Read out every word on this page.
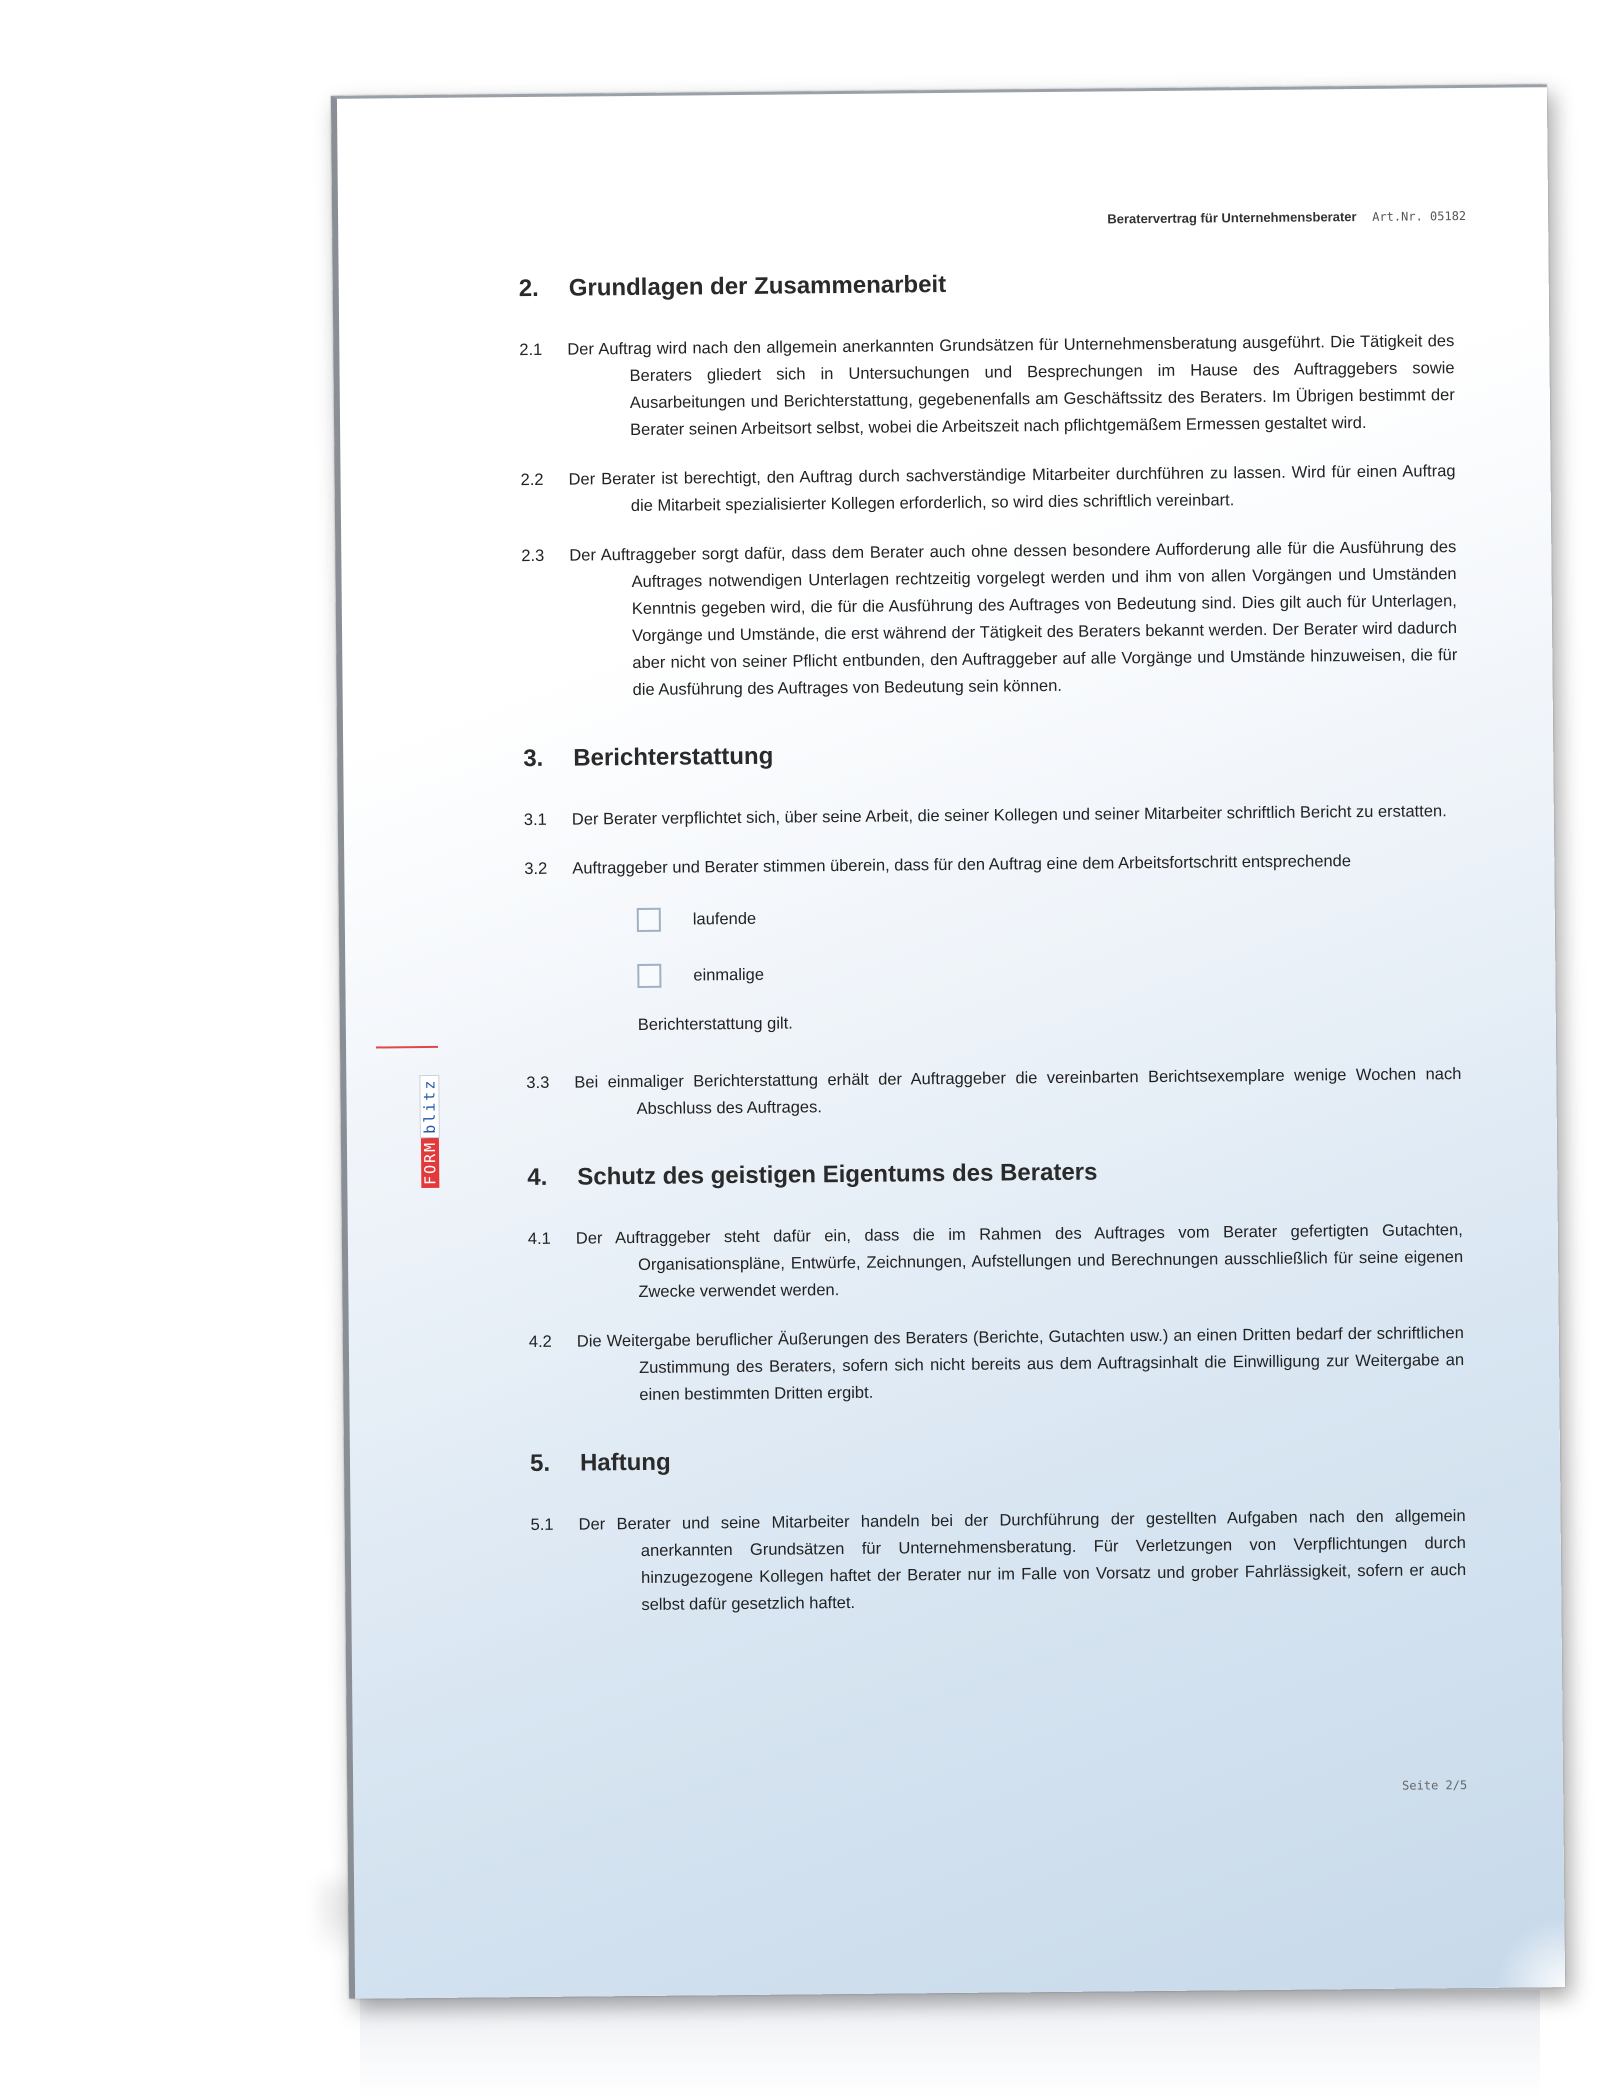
FORMblitz
Beratervertrag für Unternehmensberater Art.Nr. 05182
2.	Grundlagen der Zusammenarbeit
2.1	Der Auftrag wird nach den allgemein anerkannten Grundsätzen für Unternehmensberatung ausgeführt. Die Tätigkeit des Beraters gliedert sich in Untersuchungen und Besprechungen im Hause des Auftraggebers sowie Ausarbeitungen und Berichterstattung, gegebenenfalls am Geschäftssitz des Beraters. Im Übrigen bestimmt der Berater seinen Arbeitsort selbst, wobei die Arbeitszeit nach pflichtgemäßem Ermessen gestaltet wird.
2.2	Der Berater ist berechtigt, den Auftrag durch sachverständige Mitarbeiter durchführen zu lassen. Wird für einen Auftrag die Mitarbeit spezialisierter Kollegen erforderlich, so wird dies schriftlich vereinbart.
2.3	Der Auftraggeber sorgt dafür, dass dem Berater auch ohne dessen besondere Aufforderung alle für die Ausführung des Auftrages notwendigen Unterlagen rechtzeitig vorgelegt werden und ihm von allen Vorgängen und Umständen Kenntnis gegeben wird, die für die Ausführung des Auftrages von Bedeutung sind. Dies gilt auch für Unterlagen, Vorgänge und Umstände, die erst während der Tätigkeit des Beraters bekannt werden. Der Berater wird dadurch aber nicht von seiner Pflicht entbunden, den Auftraggeber auf alle Vorgänge und Umstände hinzuweisen, die für die Ausführung des Auftrages von Bedeutung sein können.
3.	Berichterstattung
3.1	Der Berater verpflichtet sich, über seine Arbeit, die seiner Kollegen und seiner Mitarbeiter schriftlich Bericht zu erstatten.
3.2	Auftraggeber und Berater stimmen überein, dass für den Auftrag eine dem Arbeitsfortschritt entsprechende
laufende
einmalige
Berichterstattung gilt.
3.3	Bei einmaliger Berichterstattung erhält der Auftraggeber die vereinbarten Berichtsexemplare wenige Wochen nach Abschluss des Auftrages.
4.	Schutz des geistigen Eigentums des Beraters
4.1	Der Auftraggeber steht dafür ein, dass die im Rahmen des Auftrages vom Berater gefertigten Gutachten, Organisationspläne, Entwürfe, Zeichnungen, Aufstellungen und Berechnungen ausschließlich für seine eigenen Zwecke verwendet werden.
4.2	Die Weitergabe beruflicher Äußerungen des Beraters (Berichte, Gutachten usw.) an einen Dritten bedarf der schriftlichen Zustimmung des Beraters, sofern sich nicht bereits aus dem Auftragsinhalt die Einwilligung zur Weitergabe an einen bestimmten Dritten ergibt.
5.	Haftung
5.1	Der Berater und seine Mitarbeiter handeln bei der Durchführung der gestellten Aufgaben nach den allgemein anerkannten Grundsätzen für Unternehmensberatung. Für Verletzungen von Verpflichtungen durch hinzugezogene Kollegen haftet der Berater nur im Falle von Vorsatz und grober Fahrlässigkeit, sofern er auch selbst dafür gesetzlich haftet.
Seite 2/5
